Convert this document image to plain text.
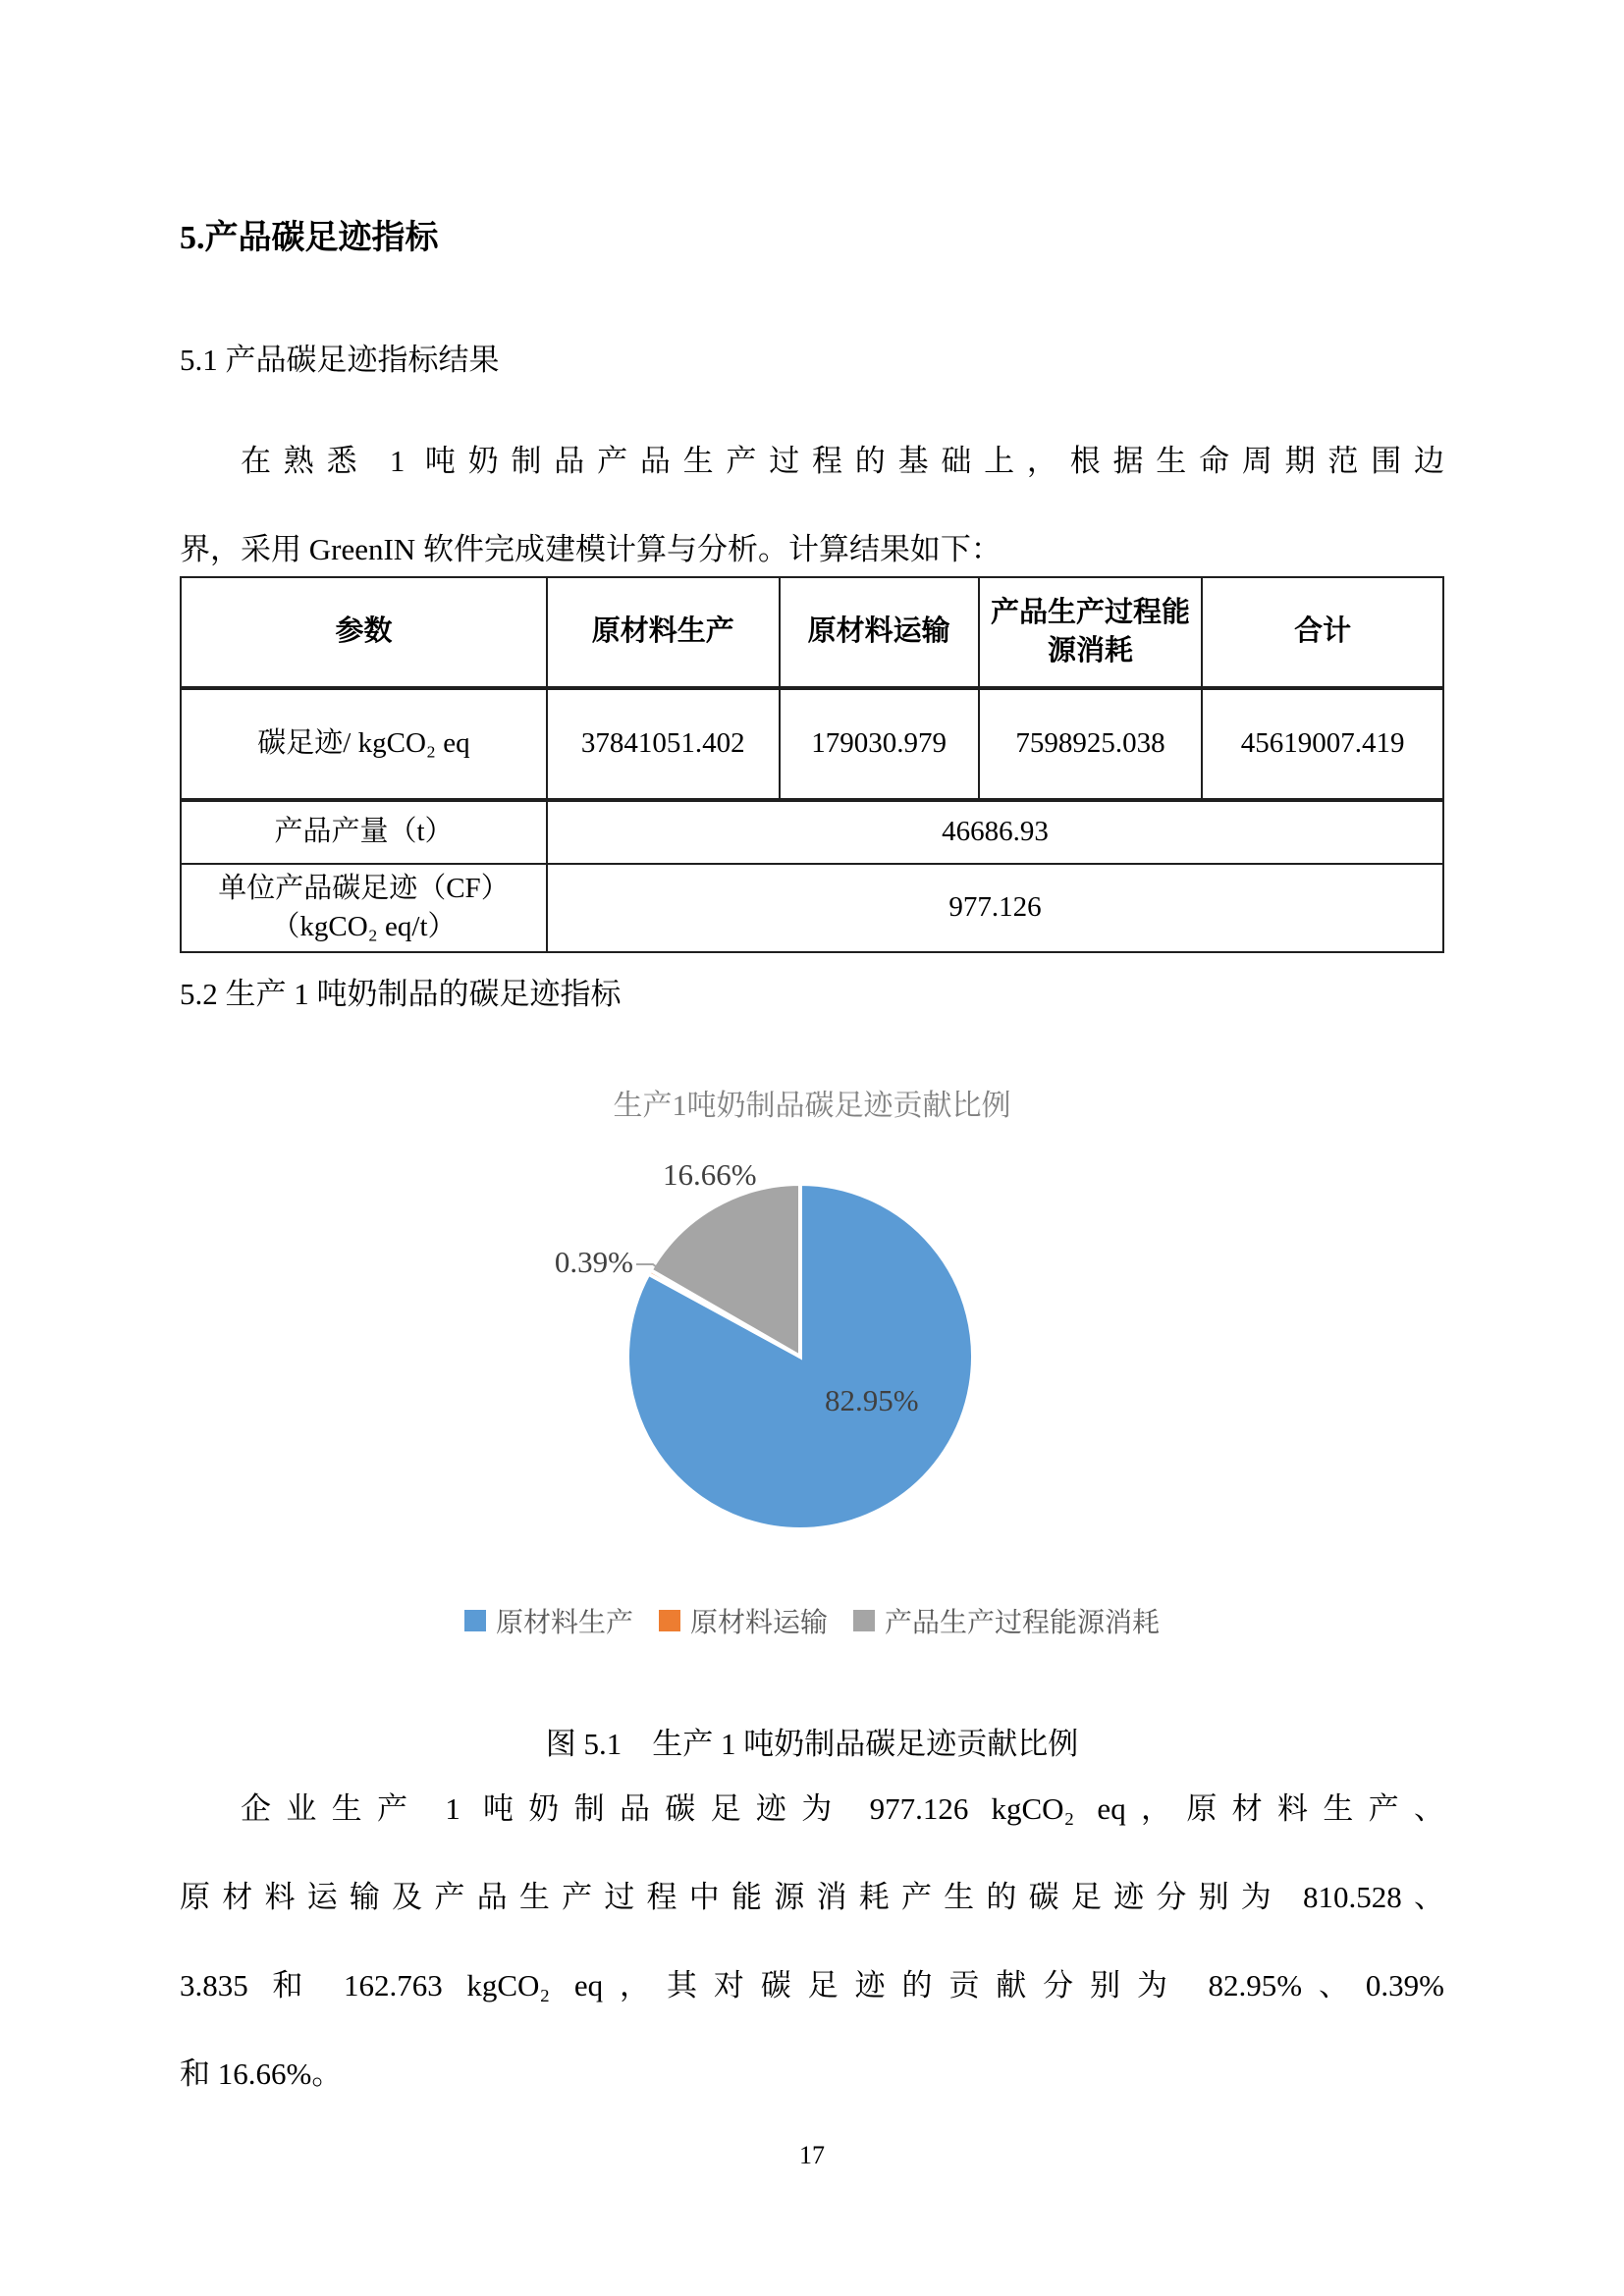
5.产品碳足迹指标
5.1 产品碳足迹指标结果
在熟悉 1 吨奶制品产品生产过程的基础上，根据生命周期范围边
界，采用 GreenIN 软件完成建模计算与分析。计算结果如下：
参数	原材料生产	原材料运输	产品生产过程能源消耗	合计
碳足迹/ kgCO₂ eq	37841051.402	179030.979	7598925.038	45619007.419
产品产量（t）	46686.93			

单位产品碳足迹（CF）
（kgCO₂ eq/t）	977.126			
5.2 生产 1 吨奶制品的碳足迹指标
生产1吨奶制品碳足迹贡献比例
82.95%
0.39%
16.66%
原材料生产 原材料运输 产品生产过程能源消耗
图 5.1　生产 1 吨奶制品碳足迹贡献比例
企业生产 1 吨奶制品碳足迹为 977.126 kgCO₂ eq，原材料生产、
原材料运输及产品生产过程中能源消耗产生的碳足迹分别为 810.528、
3.835 和 162.763 kgCO₂ eq，其对碳足迹的贡献分别为 82.95%、0.39%
和 16.66%。
17
